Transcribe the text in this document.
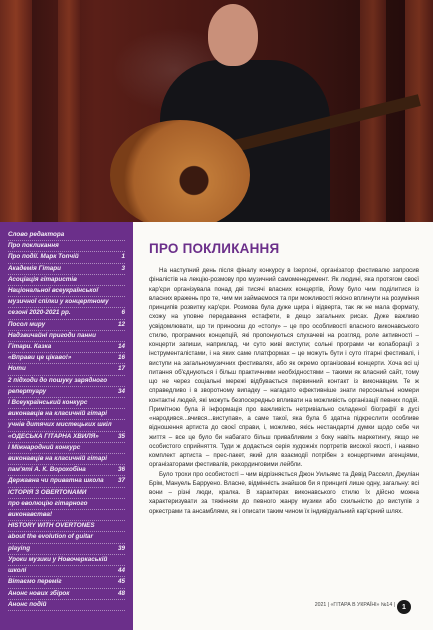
Слово редактора
Про покликання
Про події. Марк Топчій	1
Академія Гітари	3
Асоціація гітаристів
Національної всеукраїнської
музичної спілки у концертному
сезоні 2020-2021 рр.	6
Посол миру	12
Надзвичайні пригоди панни
Гітари. Казка	14
«Вправи це цікаво!»	16
Ноти	17
2 підходи до пошуку зарядного
репертуару	34
І Всеукраїнський конкурс
виконавців на класичній гітарі
учнів дитячих мистецьких шкіл
«ОДЕСЬКА ГІТАРНА ХВИЛЯ»	35
І Міжнародний конкурс
виконавців на класичній гітарі
пам'яті А. К. Ворохобіна	36
Державна чи приватна школа 37
ІСТОРІЯ З OBERTONAMИ
про еволюцію гітарного
виконавства!
HISTORY WITH OVERTONES
about the evolution of guitar
playing	39
Уроки музики у Новочеркаській
школі	44
Вітаємо переміг	45
Анонс нових збірок	48
Анонс подій
ПРО ПОКЛИКАННЯ

На наступний день після фіналу конкурсу в Ізерлоні, організатор фестивалю запросив фіналістів на лекцію-розмову про музичний самоменеджмент. Як людині, яка протягом своєї кар'єри організувала понад дві тисячі власних концертів, Йому було чим поділитися із власних вражень про те, чим ми займаємося та при можливості якісно вплинути на розуміння принципів розвитку кар'єри. Розмова була дуже щира і відверта, так як не мала формату, схожу на уповне передавання естафети, в дещо загальних рисах. Дуже важливо усвідомлювати, що ти приносиш до «столу» – це про особливості власного виконавського стилю, програмних концепцій, які пропонуються слухачеві на розгляд, роле активності – концерти запиши, наприклад, чи суто живі виступи; сольні програми чи колаборації з інструменталістами, і на яких саме платформах – це можуть бути і суто гітарні фестивалі, і виступи на загальномузичних фестивалях, або як окремо організовані концерти. Хоча всі ці питання об'єднуються і більш практичними необхідностями – такими як власний сайт, тому що не через соціальні мережі відбувається первинний контакт із виконавцем. Те ж справедливо і в зворотному випадку – нагадато ефективніше знати персональні номери контактні людей, які можуть безпосередньо впливати на можливість організації певних подій. Примітною була й інформація про важливість нетривіально складеної біографії в дусі «народився...вчився...виступав», а саме такої, яка була б здатна підкреслити особливе відношення артиста до своєї справи, і, можливо, якісь нестандартні думки щодо себе чи життя – все це було би набагато більш привабливим з боку навіть маркетингу, якщо не особистого сприйняття. Туди ж додається серія художніх портретів високої якості, і наявно комплект артиста – прес-пакет, який для взаємодії потрібен з концертними агенціями, організаторами фестивалів, рекординговими лейбли.

Було трохи про особистості – чим відрізняється Джон Уильямс та Девід Расселл, Джуліан Брім, Мануель Барруено. Власне, відмінність знайшов би я принципі лише одну, загальну: всі вони – різні люди, кралка. В характерах виконавського стилю їх дійсно можна характеризувати за тяжінням до певного жанру музики або схильністю до виступів з оркестрами та ансамблями, як і описати таким чином їх індивідуальний кар'єрний шлях.

2021 | «ГІТАРА В УКРАЇНІ» №14 |	1
